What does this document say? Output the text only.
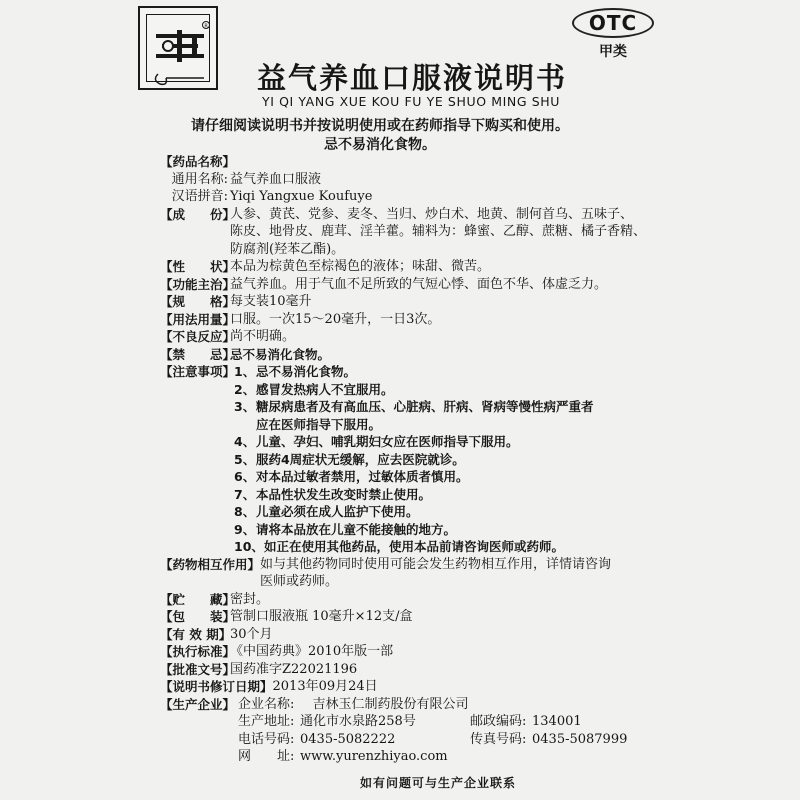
R	OTC
甲类
益气养血口服液说明书
YI QI YANG XUE KOU FU YE SHUO MING SHU
请仔细阅读说明书并按说明使用或在药师指导下购买和使用。
忌不易消化食物。
【药品名称】
通用名称: 益气养血口服液
汉语拼音: Yiqi Yangxue Koufuye
【成　　份】
人参、黄芪、党参、麦冬、当归、炒白术、地黄、制何首乌、五味子、
陈皮、地骨皮、鹿茸、淫羊藿。辅料为：蜂蜜、乙醇、蔗糖、橘子香精、
防腐剂(羟苯乙酯)。
【性　　状】
本品为棕黄色至棕褐色的液体；味甜、微苦。
【功能主治】
益气养血。用于气血不足所致的气短心悸、面色不华、体虚乏力。
【规　　格】
每支装10毫升
【用法用量】
口服。一次15～20毫升，一日3次。
【不良反应】
尚不明确。
【禁　　忌】
忌不易消化食物。
【注意事项】
1、 忌不易消化食物。
2、 感冒发热病人不宜服用。
3、 糖尿病患者及有高血压、心脏病、肝病、肾病等慢性病严重者
应在医师指导下服用。
4、 儿童、孕妇、哺乳期妇女应在医师指导下服用。
5、 服药4周症状无缓解，应去医院就诊。
6、 对本品过敏者禁用，过敏体质者慎用。
7、 本品性状发生改变时禁止使用。
8、 儿童必须在成人监护下使用。
9、 请将本品放在儿童不能接触的地方。
10、 如正在使用其他药品，使用本品前请咨询医师或药师。
【药物相互作用】 如与其他药物同时使用可能会发生药物相互作用，详情请咨询
医师或药师。
【贮　　藏】
密封。
【包　　装】
管制口服液瓶 10毫升×12支/盒
【有 效 期】
30个月
【执行标准】
《中国药典》2010年版一部
【批准文号】
国药准字Z22021196
【说明书修订日期】 2013年09月24日
【生产企业】 企业名称: 吉林玉仁制药股份有限公司
生产地址: 通化市水泉路258号	邮政编码: 134001
电话号码: 0435-5082222	传真号码: 0435-5087999
网　　址: www.yurenzhiyao.com
如有问题可与生产企业联系
